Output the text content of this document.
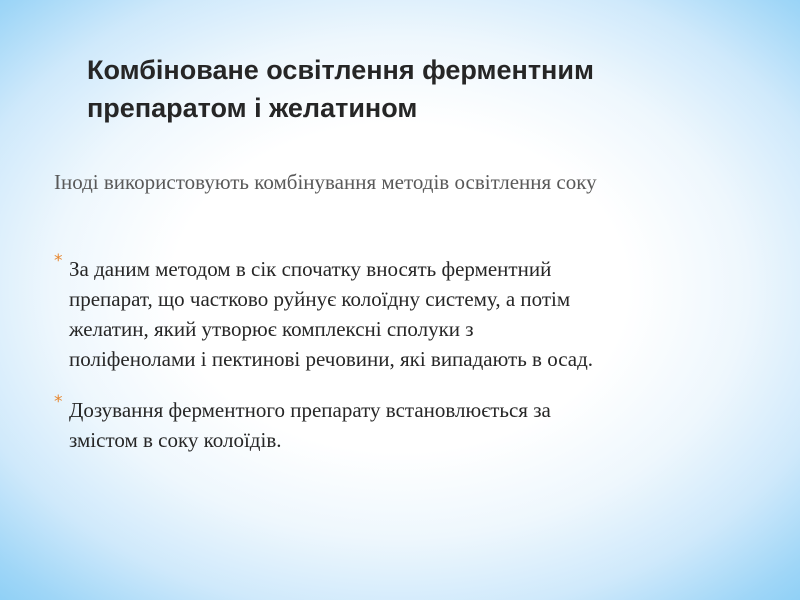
Комбіноване освітлення ферментним
препаратом і желатином

Іноді використовують комбінування методів освітлення соку

* За даним методом в сік спочатку вносять ферментний
препарат, що частково руйнує колоїдну систему, а потім
желатин, який утворює комплексні сполуки з
поліфенолами і пектинові речовини, які випадають в осад.
* Дозування ферментного препарату встановлюється за
змістом в соку колоїдів.
